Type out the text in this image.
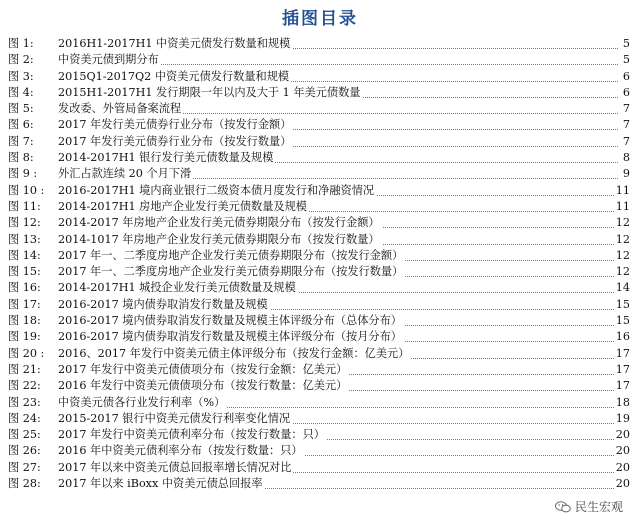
插图目录
图 1: 2016H1-2017H1 中资美元债发行数量和规模	5
图 2: 中资美元债到期分布	5
图 3: 2015Q1-2017Q2 中资美元债发行数量和规模	6
图 4: 2015H1-2017H1 发行期限一年以内及大于 1 年美元债数量	6
图 5: 发改委、外管局备案流程	7
图 6: 2017 年发行美元债券行业分布（按发行金额）	7
图 7: 2017 年发行美元债券行业分布（按发行数量）	7
图 8: 2014-2017H1 银行发行美元债数量及规模	8
图 9 : 外汇占款连续 20 个月下滑	9
图 10 : 2016-2017H1 境内商业银行二级资本债月度发行和净融资情况	11
图 11: 2014-2017H1 房地产企业发行美元债数量及规模	11
图 12: 2014-2017 年房地产企业发行美元债券期限分布（按发行金额）	12
图 13: 2014-1017 年房地产企业发行美元债券期限分布（按发行数量）	12
图 14: 2017 年一、二季度房地产企业发行美元债券期限分布（按发行金额）	12
图 15: 2017 年一、二季度房地产企业发行美元债券期限分布（按发行数量）	12
图 16: 2014-2017H1 城投企业发行美元债数量及规模	14
图 17: 2016-2017 境内债券取消发行数量及规模	15
图 18: 2016-2017 境内债券取消发行数量及规模主体评级分布（总体分布）	15
图 19: 2016-2017 境内债券取消发行数量及规模主体评级分布（按月分布）	16
图 20 : 2016、2017 年发行中资美元债主体评级分布（按发行金额：亿美元）	17
图 21: 2017 年发行中资美元债债项分布（按发行金额：亿美元）	17
图 22: 2016 年发行中资美元债债项分布（按发行数量：亿美元）	17
图 23: 中资美元债各行业发行利率（%）	18
图 24: 2015-2017 银行中资美元债发行利率变化情况	19
图 25: 2017 年发行中资美元债利率分布（按发行数量：只）	20
图 26: 2016 年中资美元债利率分布（按发行数量：只）	20
图 27: 2017 年以来中资美元债总回报率增长情况对比	20
图 28: 2017 年以来 iBoxx 中资美元债总回报率	20
民生宏观
